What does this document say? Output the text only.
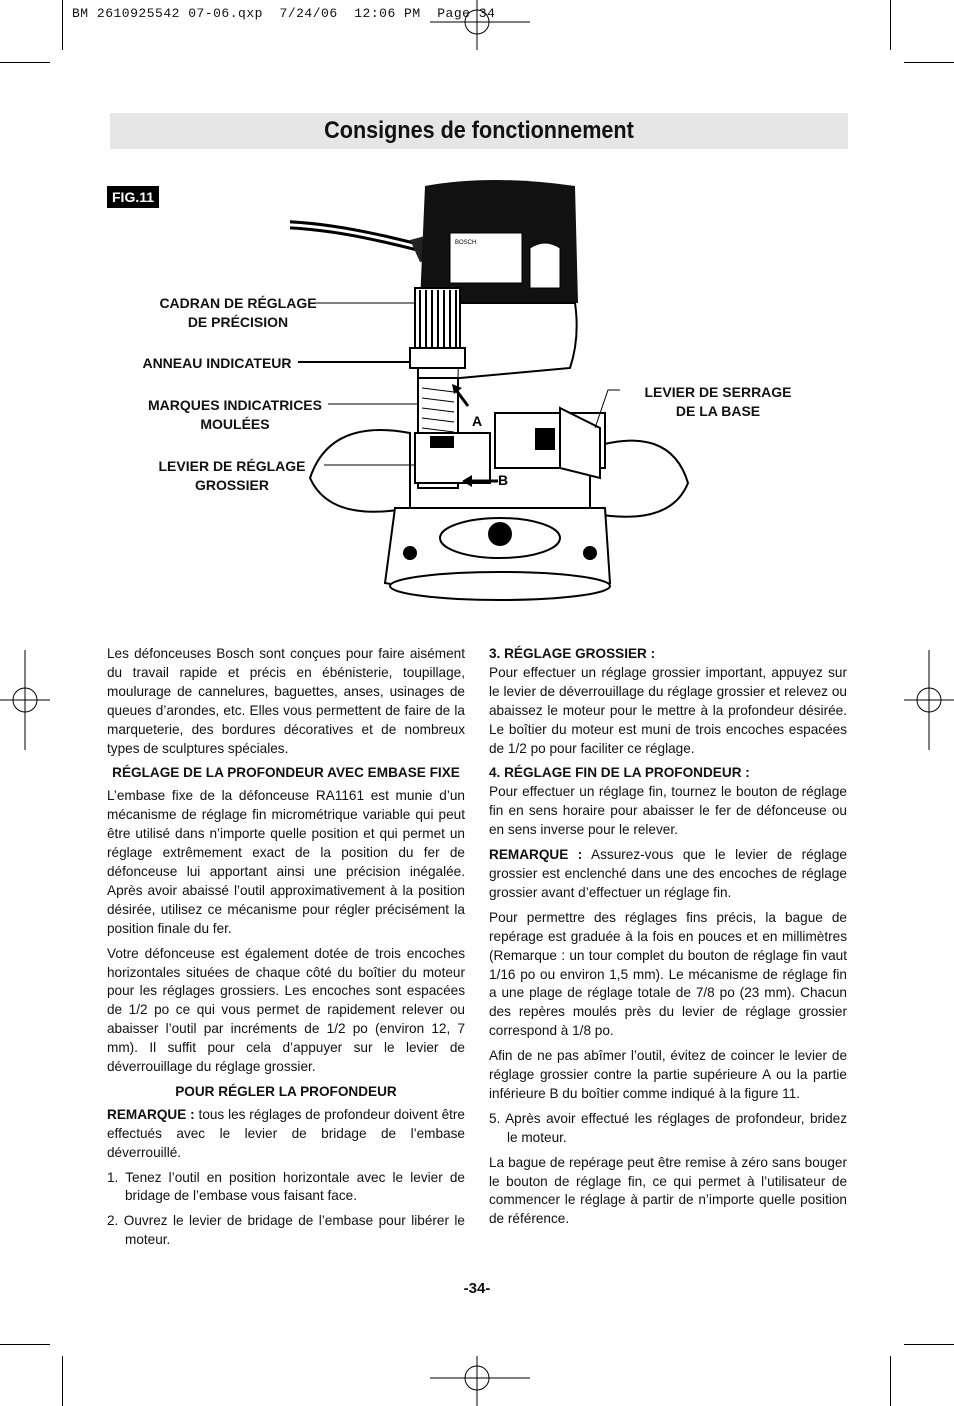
BM 2610925542 07-06.qxp  7/24/06  12:06 PM  Page 34
Consignes de fonctionnement
FIG.11
CADRAN DE RÉGLAGE
DE PRÉCISION
ANNEAU INDICATEUR
MARQUES INDICATRICES
MOULÉES
LEVIER DE RÉGLAGE
GROSSIER
LEVIER DE SERRAGE
DE LA BASE
BOSCH
A
B

Les défonceuses Bosch sont conçues pour faire aisément du travail rapide et précis en ébénisterie, toupillage, moulurage de cannelures, baguettes, anses, usinages de queues d’arondes, etc. Elles vous permettent de faire de la marqueterie, des bordures décoratives et de nombreux types de sculptures spéciales.

RÉGLAGE DE LA PROFONDEUR AVEC EMBASE FIXE

L’embase fixe de la défonceuse RA1161 est munie d’un mécanisme de réglage fin micrométrique variable qui peut être utilisé dans n’importe quelle position et qui permet un réglage extrêmement exact de la position du fer de défonceuse lui apportant ainsi une précision inégalée. Après avoir abaissé l’outil approximativement à la position désirée, utilisez ce mécanisme pour régler précisément la position finale du fer.

Votre défonceuse est également dotée de trois encoches horizontales situées de chaque côté du boîtier du moteur pour les réglages grossiers. Les encoches sont espacées de 1/2 po ce qui vous permet de rapidement relever ou abaisser l’outil par incréments de 1/2 po (environ 12, 7 mm). Il suffit pour cela d’appuyer sur le levier de déverrouillage du réglage grossier.

POUR RÉGLER LA PROFONDEUR

REMARQUE : tous les réglages de profondeur doivent être effectués avec le levier de bridage de l’embase déverrouillé.

1. Tenez l’outil en position horizontale avec le levier de bridage de l’embase vous faisant face.

2. Ouvrez le levier de bridage de l’embase pour libérer le moteur.

3. RÉGLAGE GROSSIER :

Pour effectuer un réglage grossier important, appuyez sur le levier de déverrouillage du réglage grossier et relevez ou abaissez le moteur pour le mettre à la profondeur désirée. Le boîtier du moteur est muni de trois encoches espacées de 1/2 po pour faciliter ce réglage.

4. RÉGLAGE FIN DE LA PROFONDEUR :

Pour effectuer un réglage fin, tournez le bouton de réglage fin en sens horaire pour abaisser le fer de défonceuse ou en sens inverse pour le relever.

REMARQUE : Assurez-vous que le levier de réglage grossier est enclenché dans une des encoches de réglage grossier avant d’effectuer un réglage fin.

Pour permettre des réglages fins précis, la bague de repérage est graduée à la fois en pouces et en millimètres (Remarque : un tour complet du bouton de réglage fin vaut 1/16 po ou environ 1,5 mm). Le mécanisme de réglage fin a une plage de réglage totale de 7/8 po (23 mm). Chacun des repères moulés près du levier de réglage grossier correspond à 1/8 po.

Afin de ne pas abîmer l’outil, évitez de coincer le levier de réglage grossier contre la partie supérieure A ou la partie inférieure B du boîtier comme indiqué à la figure 11.

5. Après avoir effectué les réglages de profondeur, bridez le moteur.

La bague de repérage peut être remise à zéro sans bouger le bouton de réglage fin, ce qui permet à l’utilisateur de commencer le réglage à partir de n’importe quelle position de référence.

-34-
